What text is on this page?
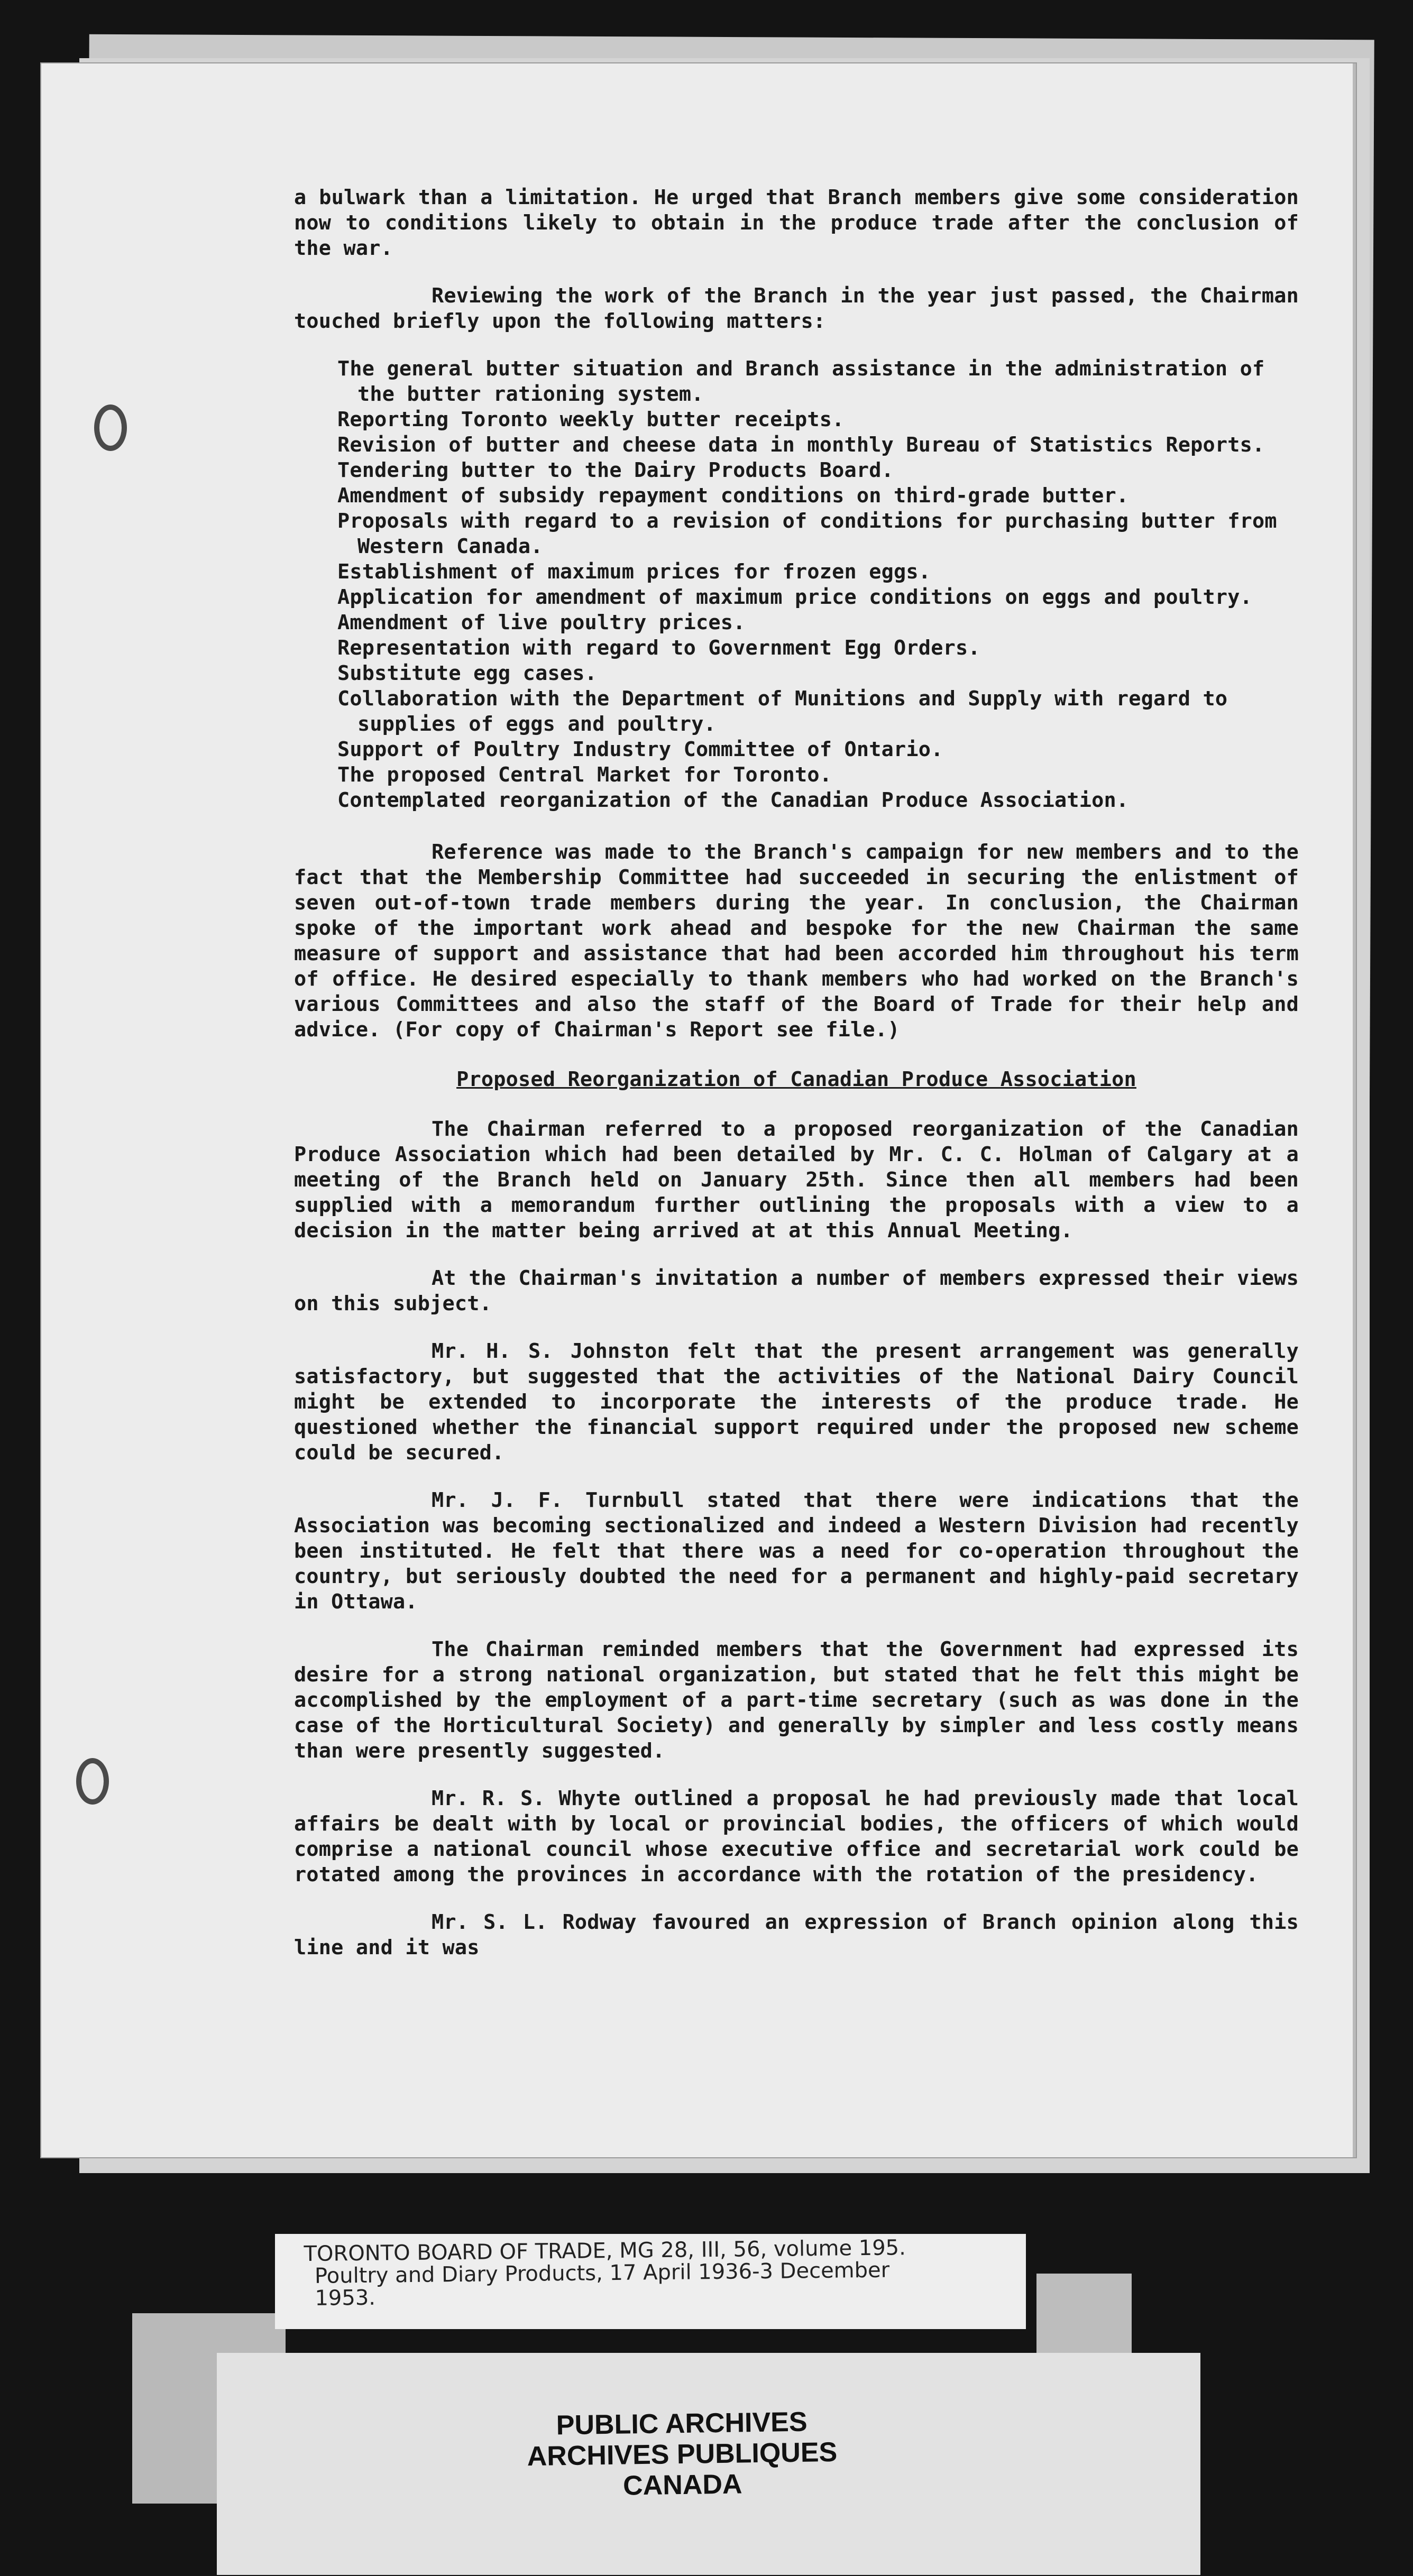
a bulwark than a limitation. He urged that Branch members give some consideration now to conditions likely to obtain in the produce trade after the conclusion of the war.

Reviewing the work of the Branch in the year just passed, the Chairman touched briefly upon the following matters:

The general butter situation and Branch assistance in the administration of the butter rationing system.

Reporting Toronto weekly butter receipts.

Revision of butter and cheese data in monthly Bureau of Statistics Reports.

Tendering butter to the Dairy Products Board.

Amendment of subsidy repayment conditions on third-grade butter.

Proposals with regard to a revision of conditions for purchasing butter from Western Canada.

Establishment of maximum prices for frozen eggs.

Application for amendment of maximum price conditions on eggs and poultry.

Amendment of live poultry prices.

Representation with regard to Government Egg Orders.

Substitute egg cases.

Collaboration with the Department of Munitions and Supply with regard to supplies of eggs and poultry.

Support of Poultry Industry Committee of Ontario.

The proposed Central Market for Toronto.

Contemplated reorganization of the Canadian Produce Association.

Reference was made to the Branch's campaign for new members and to the fact that the Membership Committee had succeeded in securing the enlistment of seven out-of-town trade members during the year. In conclusion, the Chairman spoke of the important work ahead and bespoke for the new Chairman the same measure of support and assistance that had been accorded him throughout his term of office. He desired especially to thank members who had worked on the Branch's various Committees and also the staff of the Board of Trade for their help and advice. (For copy of Chairman's Report see file.)

Proposed Reorganization of Canadian Produce Association

The Chairman referred to a proposed reorganization of the Canadian Produce Association which had been detailed by Mr. C. C. Holman of Calgary at a meeting of the Branch held on January 25th. Since then all members had been supplied with a memorandum further outlining the proposals with a view to a decision in the matter being arrived at at this Annual Meeting.

At the Chairman's invitation a number of members expressed their views on this subject.

Mr. H. S. Johnston felt that the present arrangement was generally satisfactory, but suggested that the activities of the National Dairy Council might be extended to incorporate the interests of the produce trade. He questioned whether the financial support required under the proposed new scheme could be secured.

Mr. J. F. Turnbull stated that there were indications that the Association was becoming sectionalized and indeed a Western Division had recently been instituted. He felt that there was a need for co-operation throughout the country, but seriously doubted the need for a permanent and highly-paid secretary in Ottawa.

The Chairman reminded members that the Government had expressed its desire for a strong national organization, but stated that he felt this might be accomplished by the employment of a part-time secretary (such as was done in the case of the Horticultural Society) and generally by simpler and less costly means than were presently suggested.

Mr. R. S. Whyte outlined a proposal he had previously made that local affairs be dealt with by local or provincial bodies, the officers of which would comprise a national council whose executive office and secretarial work could be rotated among the provinces in accordance with the rotation of the presidency.

Mr. S. L. Rodway favoured an expression of Branch opinion along this line and it was

TORONTO BOARD OF TRADE, MG 28, III, 56, volume 195.
Poultry and Diary Products, 17 April 1936-3 December
1953.
PUBLIC ARCHIVES
ARCHIVES PUBLIQUES
CANADA
